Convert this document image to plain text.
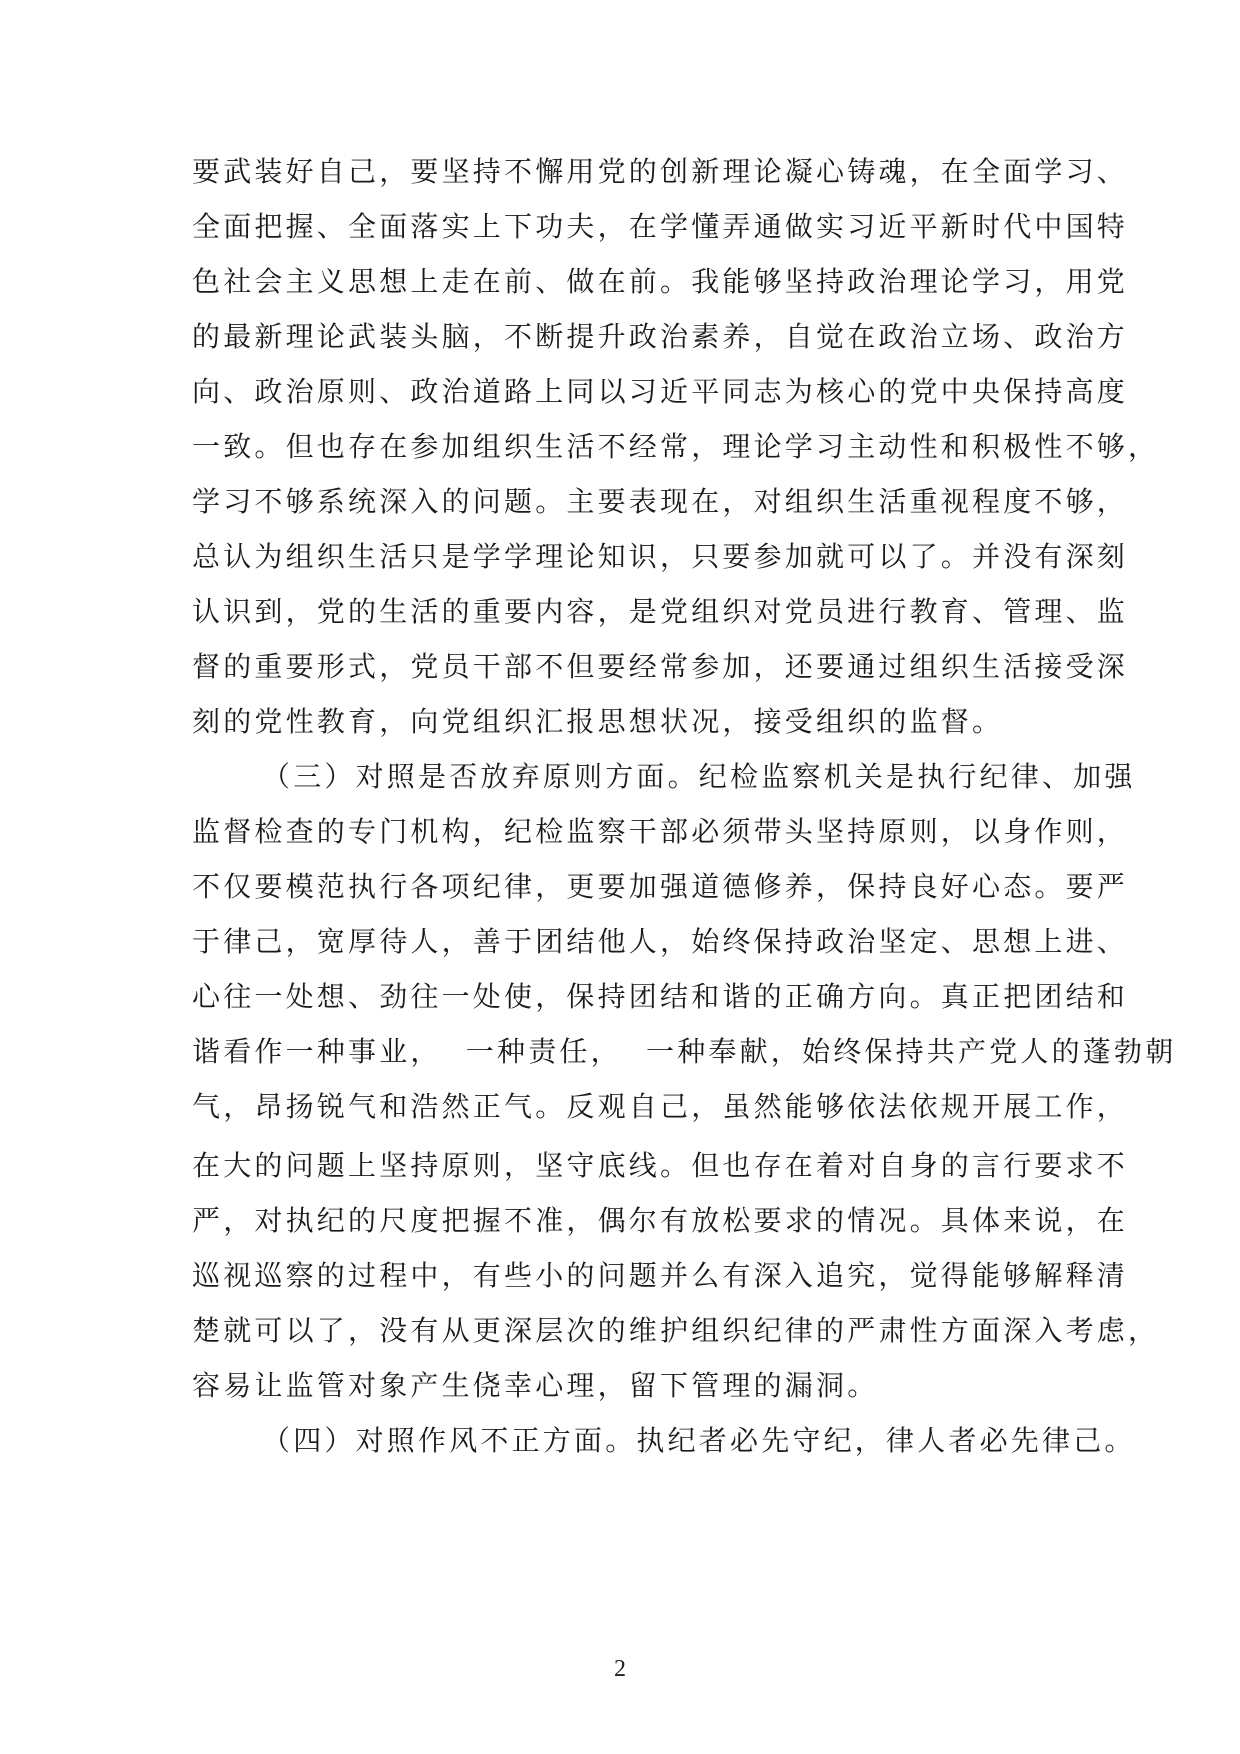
要武装好自己，要坚持不懈用党的创新理论凝心铸魂，在全面学习、
全面把握、全面落实上下功夫，在学懂弄通做实习近平新时代中国特
色社会主义思想上走在前、做在前。我能够坚持政治理论学习，用党
的最新理论武装头脑，不断提升政治素养，自觉在政治立场、政治方
向、政治原则、政治道路上同以习近平同志为核心的党中央保持高度
一致。但也存在参加组织生活不经常，理论学习主动性和积极性不够，
学习不够系统深入的问题。主要表现在，对组织生活重视程度不够，
总认为组织生活只是学学理论知识，只要参加就可以了。并没有深刻
认识到，党的生活的重要内容，是党组织对党员进行教育、管理、监
督的重要形式，党员干部不但要经常参加，还要通过组织生活接受深
刻的党性教育，向党组织汇报思想状况，接受组织的监督。
（三）对照是否放弃原则方面。纪检监察机关是执行纪律、加强
监督检查的专门机构，纪检监察干部必须带头坚持原则，以身作则，
不仅要模范执行各项纪律，更要加强道德修养，保持良好心态。要严
于律己，宽厚待人，善于团结他人，始终保持政治坚定、思想上进、
心往一处想、劲往一处使，保持团结和谐的正确方向。真正把团结和
谐看作一种事业，  一种责任，  一种奉献，始终保持共产党人的蓬勃朝
气，昂扬锐气和浩然正气。反观自己，虽然能够依法依规开展工作，
在大的问题上坚持原则，坚守底线。但也存在着对自身的言行要求不
严，对执纪的尺度把握不准，偶尔有放松要求的情况。具体来说，在
巡视巡察的过程中，有些小的问题并么有深入追究，觉得能够解释清
楚就可以了，没有从更深层次的维护组织纪律的严肃性方面深入考虑，
容易让监管对象产生侥幸心理，留下管理的漏洞。
（四）对照作风不正方面。执纪者必先守纪，律人者必先律己。
2
